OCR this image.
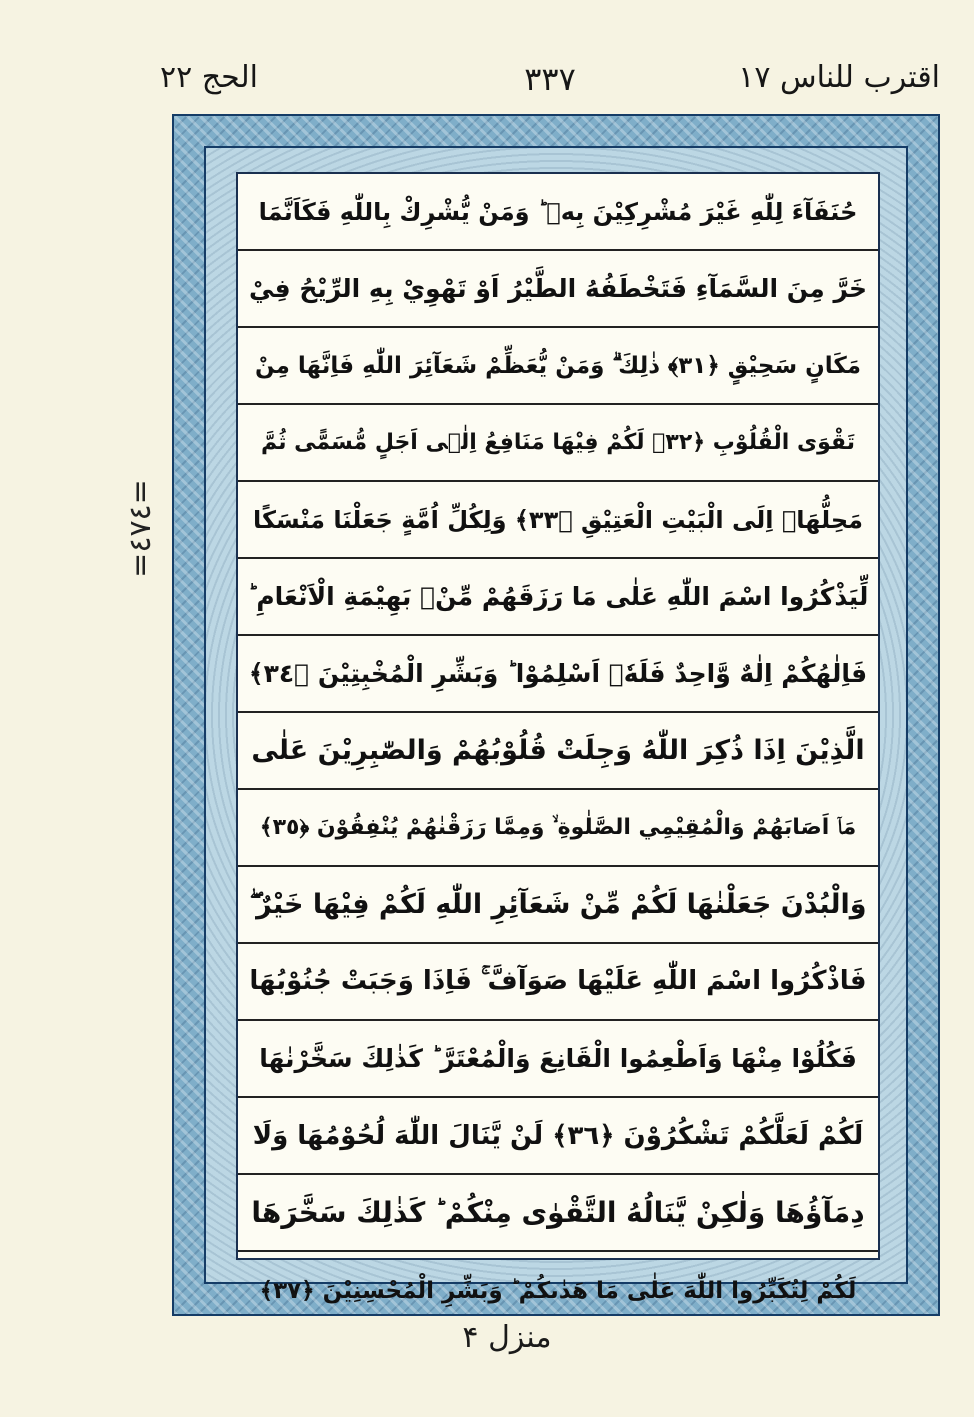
اقترب للناس ١٧
٣٣٧
الحج ٢٢
=٤٧٤=
حُنَفَآءَ لِلّٰهِ غَيْرَ مُشْرِكِيْنَ بِهٖ ؕ وَمَنْ يُّشْرِكْ بِاللّٰهِ فَكَاَنَّمَا
خَرَّ مِنَ السَّمَآءِ فَتَخْطَفُهُ الطَّيْرُ اَوْ تَهْوِيْ بِهِ الرِّيْحُ فِيْ
مَكَانٍ سَحِيْقٍ ﴿٣١﴾ ذٰلِكَ ۗ وَمَنْ يُّعَظِّمْ شَعَآئِرَ اللّٰهِ فَاِنَّهَا مِنْ
تَقْوَى الْقُلُوْبِ ﴿٣٢﴾ لَكُمْ فِيْهَا مَنَافِعُ اِلٰۤى اَجَلٍ مُّسَمًّى ثُمَّ
مَحِلُّهَاۤ اِلَى الْبَيْتِ الْعَتِيْقِ ﴿٣٣﴾ وَلِكُلِّ اُمَّةٍ جَعَلْنَا مَنْسَكًا
لِّيَذْكُرُوا اسْمَ اللّٰهِ عَلٰى مَا رَزَقَهُمْ مِّنْۢ بَهِيْمَةِ الْاَنْعَامِ ؕ
فَاِلٰهُكُمْ اِلٰهٌ وَّاحِدٌ فَلَهٗۤ اَسْلِمُوْا ؕ وَبَشِّرِ الْمُخْبِتِيْنَ ﴿٣٤﴾
الَّذِيْنَ اِذَا ذُكِرَ اللّٰهُ وَجِلَتْ قُلُوْبُهُمْ وَالصّٰبِرِيْنَ عَلٰى
مَاۤ اَصَابَهُمْ وَالْمُقِيْمِي الصَّلٰوةِ ۙ وَمِمَّا رَزَقْنٰهُمْ يُنْفِقُوْنَ ﴿٣٥﴾
وَالْبُدْنَ جَعَلْنٰهَا لَكُمْ مِّنْ شَعَآئِرِ اللّٰهِ لَكُمْ فِيْهَا خَيْرٌ ۖ
فَاذْكُرُوا اسْمَ اللّٰهِ عَلَيْهَا صَوَآفَّ ۚ فَاِذَا وَجَبَتْ جُنُوْبُهَا
فَكُلُوْا مِنْهَا وَاَطْعِمُوا الْقَانِعَ وَالْمُعْتَرَّ ؕ كَذٰلِكَ سَخَّرْنٰهَا
لَكُمْ لَعَلَّكُمْ تَشْكُرُوْنَ ﴿٣٦﴾ لَنْ يَّنَالَ اللّٰهَ لُحُوْمُهَا وَلَا
دِمَآؤُهَا وَلٰكِنْ يَّنَالُهُ التَّقْوٰى مِنْكُمْ ؕ كَذٰلِكَ سَخَّرَهَا
لَكُمْ لِتُكَبِّرُوا اللّٰهَ عَلٰى مَا هَدٰىكُمْ ؕ وَبَشِّرِ الْمُحْسِنِيْنَ ﴿٣٧﴾
منزل ۴
